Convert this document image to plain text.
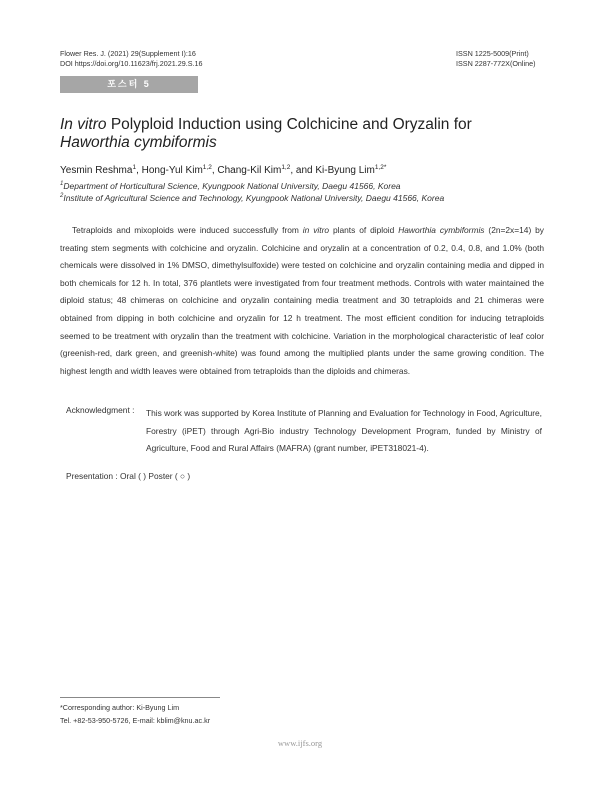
Flower Res. J. (2021) 29(Supplement I):16
DOI https://doi.org/10.11623/frj.2021.29.S.16
ISSN 1225-5009(Print)
ISSN 2287-772X(Online)
포스터 5
In vitro Polyploid Induction using Colchicine and Oryzalin for Haworthia cymbiformis
Yesmin Reshma$^1$, Hong-Yul Kim$^{1,2}$, Chang-Kil Kim$^{1,2}$, and Ki-Byung Lim$^{1,2*}$
$^1$Department of Horticultural Science, Kyungpook National University, Daegu 41566, Korea
$^2$Institute of Agricultural Science and Technology, Kyungpook National University, Daegu 41566, Korea
Tetraploids and mixoploids were induced successfully from in vitro plants of diploid Haworthia cymbiformis (2n=2x=14) by treating stem segments with colchicine and oryzalin. Colchicine and oryzalin at a concentration of 0.2, 0.4, 0.8, and 1.0% (both chemicals were dissolved in 1% DMSO, dimethylsulfoxide) were tested on colchicine and oryzalin containing media and dipped in both chemicals for 12 h. In total, 376 plantlets were investigated from four treatment methods. Controls with water maintained the diploid status; 48 chimeras on colchicine and oryzalin containing media treatment and 30 tetraploids and 21 chimeras were obtained from dipping in both colchicine and oryzalin for 12 h treatment. The most efficient condition for inducing tetraploids seemed to be treatment with oryzalin than the treatment with colchicine. Variation in the morphological characteristic of leaf color (greenish-red, dark green, and greenish-white) was found among the multiplied plants under the same growing condition. The highest length and width leaves were obtained from tetraploids than the diploids and chimeras.
Acknowledgment : This work was supported by Korea Institute of Planning and Evaluation for Technology in Food, Agriculture, Forestry (iPET) through Agri-Bio industry Technology Development Program, funded by Ministry of Agriculture, Food and Rural Affairs (MAFRA) (grant number, iPET318021-4).
Presentation : Oral ( ) Poster ( ○ )
*Corresponding author: Ki-Byung Lim
Tel. +82-53-950-5726, E-mail: kblim@knu.ac.kr
www.ijfs.org
